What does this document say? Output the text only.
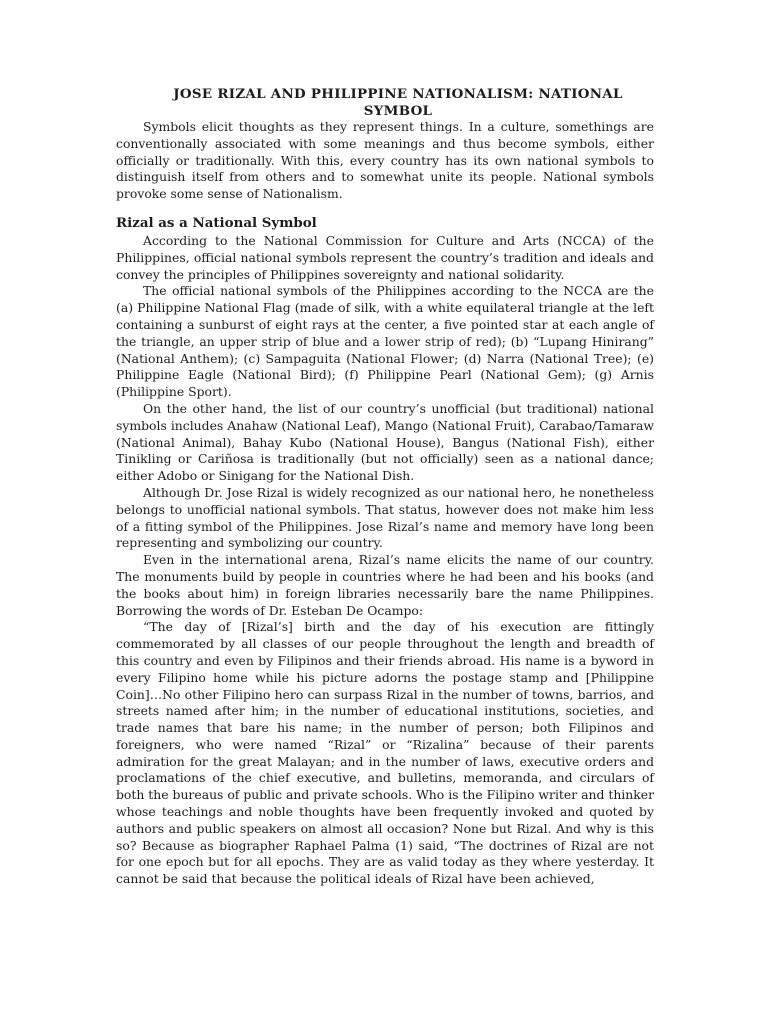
JOSE RIZAL AND PHILIPPINE NATIONALISM: NATIONAL SYMBOL

Symbols elicit thoughts as they represent things. In a culture, somethings are conventionally associated with some meanings and thus become symbols, either officially or traditionally. With this, every country has its own national symbols to distinguish itself from others and to somewhat unite its people. National symbols provoke some sense of Nationalism.

Rizal as a National Symbol

According to the National Commission for Culture and Arts (NCCA) of the Philippines, official national symbols represent the country’s tradition and ideals and convey the principles of Philippines sovereignty and national solidarity.

The official national symbols of the Philippines according to the NCCA are the (a) Philippine National Flag (made of silk, with a white equilateral triangle at the left containing a sunburst of eight rays at the center, a five pointed star at each angle of the triangle, an upper strip of blue and a lower strip of red); (b) “Lupang Hinirang” (National Anthem); (c) Sampaguita (National Flower; (d) Narra (National Tree); (e) Philippine Eagle (National Bird); (f) Philippine Pearl (National Gem); (g) Arnis (Philippine Sport).

On the other hand, the list of our country’s unofficial (but traditional) national symbols includes Anahaw (National Leaf), Mango (National Fruit), Carabao/Tamaraw (National Animal), Bahay Kubo (National House), Bangus (National Fish), either Tinikling or Cariñosa is traditionally (but not officially) seen as a national dance; either Adobo or Sinigang for the National Dish.

Although Dr. Jose Rizal is widely recognized as our national hero, he nonetheless belongs to unofficial national symbols. That status, however does not make him less of a fitting symbol of the Philippines. Jose Rizal’s name and memory have long been representing and symbolizing our country.

Even in the international arena, Rizal’s name elicits the name of our country. The monuments build by people in countries where he had been and his books (and the books about him) in foreign libraries necessarily bare the name Philippines. Borrowing the words of Dr. Esteban De Ocampo:

“The day of [Rizal’s] birth and the day of his execution are fittingly commemorated by all classes of our people throughout the length and breadth of this country and even by Filipinos and their friends abroad. His name is a byword in every Filipino home while his picture adorns the postage stamp and [Philippine Coin]…No other Filipino hero can surpass Rizal in the number of towns, barrios, and streets named after him; in the number of educational institutions, societies, and trade names that bare his name; in the number of person; both Filipinos and foreigners, who were named “Rizal” or “Rizalina” because of their parents admiration for the great Malayan; and in the number of laws, executive orders and proclamations of the chief executive, and bulletins, memoranda, and circulars of both the bureaus of public and private schools. Who is the Filipino writer and thinker whose teachings and noble thoughts have been frequently invoked and quoted by authors and public speakers on almost all occasion? None but Rizal. And why is this so? Because as biographer Raphael Palma (1) said, “The doctrines of Rizal are not for one epoch but for all epochs. They are as valid today as they where yesterday. It cannot be said that because the political ideals of Rizal have been achieved,
